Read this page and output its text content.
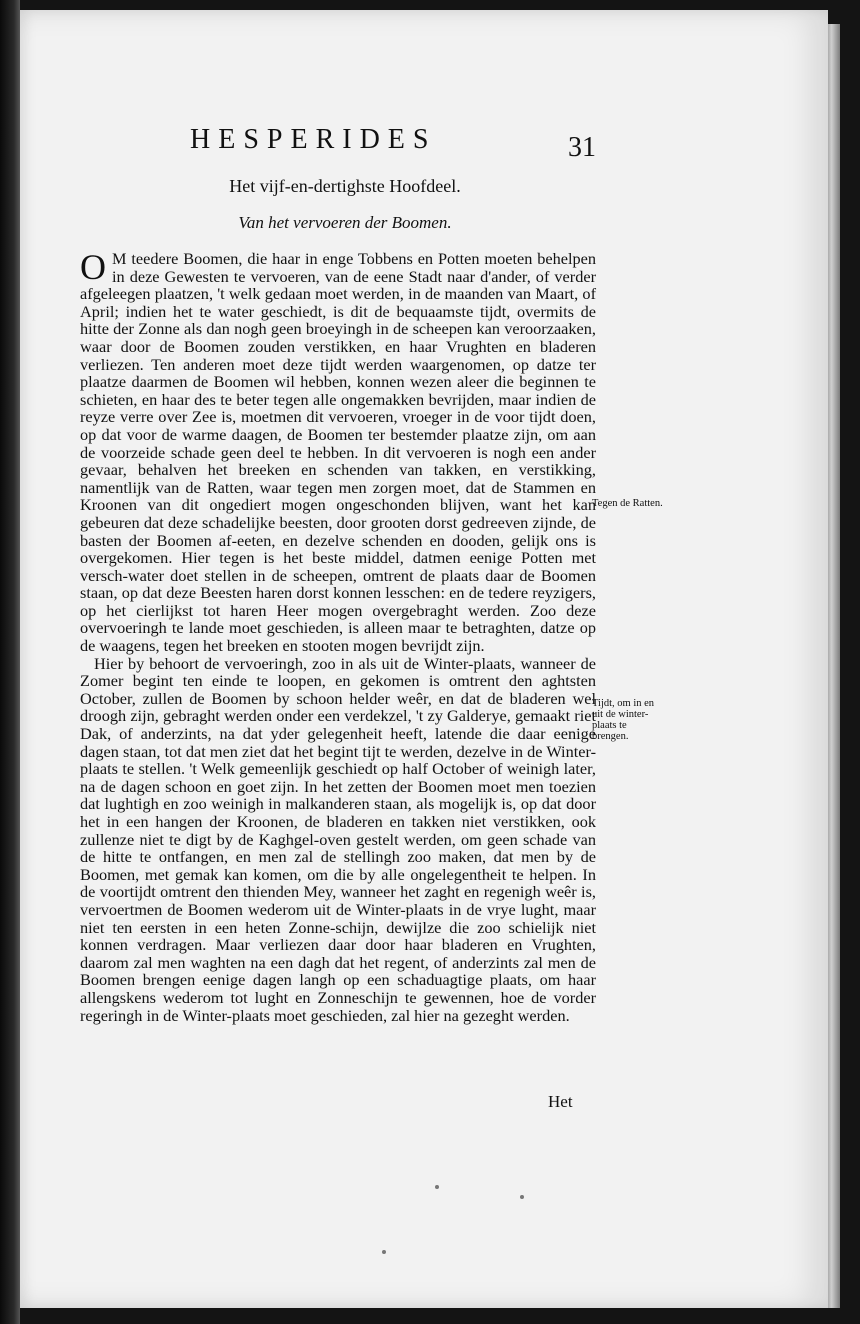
HESPERIDES	31
Het vijf-en-dertighste Hoofdeel.
Van het vervoeren der Boomen.

O M teedere Boomen, die haar in enge Tobbens en Potten moeten behelpen in deze Gewesten te vervoeren, van de eene Stadt naar d'ander, of verder afgeleegen plaatzen, 't welk gedaan moet werden, in de maanden van Maart, of April; indien het te water geschiedt, is dit de bequaamste tijdt, overmits de hitte der Zonne als dan nogh geen broeyingh in de scheepen kan veroorzaaken, waar door de Boomen zouden verstikken, en haar Vrughten en bladeren verliezen. Ten anderen moet deze tijdt werden waargenomen, op datze ter plaatze daarmen de Boomen wil hebben, konnen wezen aleer die beginnen te schieten, en haar des te beter tegen alle ongemakken bevrijden, maar indien de reyze verre over Zee is, moetmen dit vervoeren, vroeger in de voor tijdt doen, op dat voor de warme daagen, de Boomen ter bestemder plaatze zijn, om aan de voorzeide schade geen deel te hebben. In dit vervoeren is nogh een ander gevaar, behalven het breeken en schenden van takken, en verstikking, namentlijk van de Ratten, waar tegen men zorgen moet, dat de Stammen en Kroonen van dit ongediert mogen ongeschonden blijven, want het kan gebeuren dat deze schadelijke beesten, door grooten dorst gedreeven zijnde, de basten der Boomen af-eeten, en dezelve schenden en dooden, gelijk ons is overgekomen. Hier tegen is het beste middel, datmen eenige Potten met versch-water doet stellen in de scheepen, omtrent de plaats daar de Boomen staan, op dat deze Beesten haren dorst konnen lesschen: en de tedere reyzigers, op het cierlijkst tot haren Heer mogen overgebraght werden. Zoo deze overvoeringh te lande moet geschieden, is alleen maar te betraghten, datze op de waagens, tegen het breeken en stooten mogen bevrijdt zijn.

Hier by behoort de vervoeringh, zoo in als uit de Winter-plaats, wanneer de Zomer begint ten einde te loopen, en gekomen is omtrent den aghtsten October, zullen de Boomen by schoon helder weêr, en dat de bladeren wel droogh zijn, gebraght werden onder een verdekzel, 't zy Galderye, gemaakt riet Dak, of anderzints, na dat yder gelegenheit heeft, latende die daar eenige dagen staan, tot dat men ziet dat het begint tijt te werden, dezelve in de Winter-plaats te stellen. 't Welk gemeenlijk geschiedt op half October of weinigh later, na de dagen schoon en goet zijn. In het zetten der Boomen moet men toezien dat lughtigh en zoo weinigh in malkanderen staan, als mogelijk is, op dat door het in een hangen der Kroonen, de bladeren en takken niet verstikken, ook zullenze niet te digt by de Kaghgel-oven gestelt werden, om geen schade van de hitte te ontfangen, en men zal de stellingh zoo maken, dat men by de Boomen, met gemak kan komen, om die by alle ongelegentheit te helpen. In de voortijdt omtrent den thienden Mey, wanneer het zaght en regenigh weêr is, vervoertmen de Boomen wederom uit de Winter-plaats in de vrye lught, maar niet ten eersten in een heten Zonne-schijn, dewijlze die zoo schielijk niet konnen verdragen. Maar verliezen daar door haar bladeren en Vrughten, daarom zal men waghten na een dagh dat het regent, of anderzints zal men de Boomen brengen eenige dagen langh op een schaduagtige plaats, om haar allengskens wederom tot lught en Zonneschijn te gewennen, hoe de vorder regeringh in de Winter-plaats moet geschieden, zal hier na gezeght werden.

Tegen de Ratten.
Tijdt, om in en uit de winter-plaats te brengen.
Het
